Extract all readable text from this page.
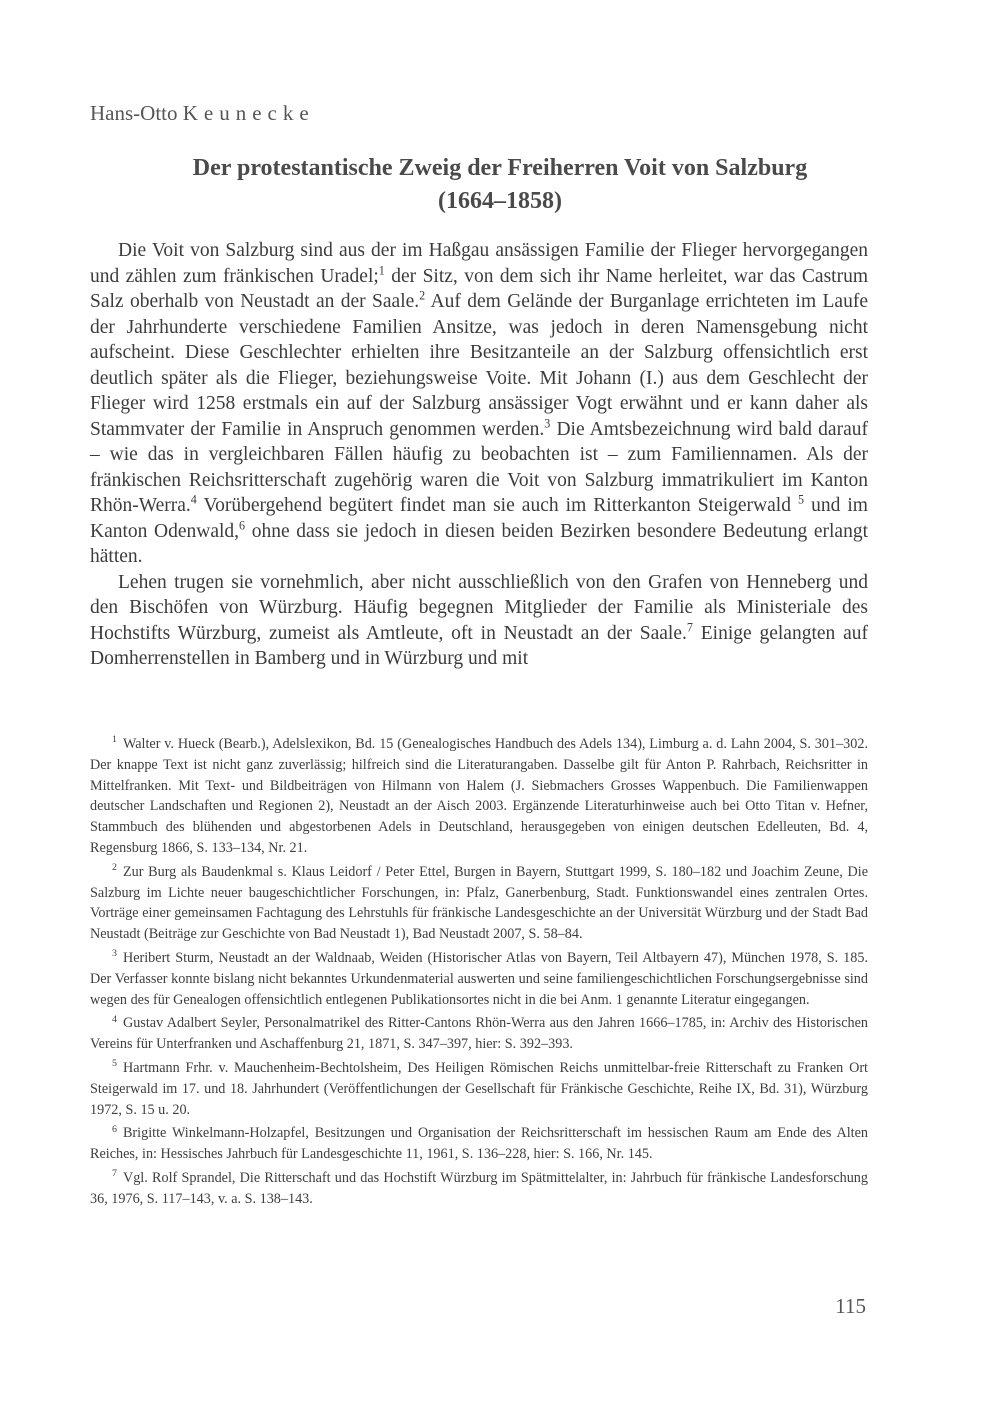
Hans-Otto Keunecke

Der protestantische Zweig der Freiherren Voit von Salzburg
(1664–1858)

Die Voit von Salzburg sind aus der im Haßgau ansässigen Familie der Flieger hervorgegangen und zählen zum fränkischen Uradel;$^1$ der Sitz, von dem sich ihr Name herleitet, war das Castrum Salz oberhalb von Neustadt an der Saale.$^2$ Auf dem Gelände der Burganlage errichteten im Laufe der Jahrhunderte verschiedene Familien Ansitze, was jedoch in deren Namensgebung nicht aufscheint. Diese Geschlechter erhielten ihre Besitzanteile an der Salzburg offensichtlich erst deutlich später als die Flieger, beziehungsweise Voite. Mit Johann (I.) aus dem Geschlecht der Flieger wird 1258 erstmals ein auf der Salzburg ansässiger Vogt erwähnt und er kann daher als Stammvater der Familie in Anspruch genommen werden.$^3$ Die Amtsbezeichnung wird bald darauf – wie das in vergleichbaren Fällen häufig zu beobachten ist – zum Familiennamen. Als der fränkischen Reichsritterschaft zugehörig waren die Voit von Salzburg immatrikuliert im Kanton Rhön-Werra.$^4$ Vorübergehend begütert findet man sie auch im Ritterkanton Steigerwald $^5$ und im Kanton Odenwald,$^6$ ohne dass sie jedoch in diesen beiden Bezirken besondere Bedeutung erlangt hätten.

Lehen trugen sie vornehmlich, aber nicht ausschließlich von den Grafen von Henneberg und den Bischöfen von Würzburg. Häufig begegnen Mitglieder der Familie als Ministeriale des Hochstifts Würzburg, zumeist als Amtleute, oft in Neustadt an der Saale.$^7$ Einige gelangten auf Domherrenstellen in Bamberg und in Würzburg und mit

$^1$ Walter v. Hueck (Bearb.), Adelslexikon, Bd. 15 (Genealogisches Handbuch des Adels 134), Limburg a. d. Lahn 2004, S. 301–302. Der knappe Text ist nicht ganz zuverlässig; hilfreich sind die Literaturangaben. Dasselbe gilt für Anton P. Rahrbach, Reichsritter in Mittelfranken. Mit Text- und Bildbeiträgen von Hilmann von Halem (J. Siebmachers Grosses Wappenbuch. Die Familienwappen deutscher Landschaften und Regionen 2), Neustadt an der Aisch 2003. Ergänzende Literaturhinweise auch bei Otto Titan v. Hefner, Stammbuch des blühenden und abgestorbenen Adels in Deutschland, herausgegeben von einigen deutschen Edelleuten, Bd. 4, Regensburg 1866, S. 133–134, Nr. 21.

$^2$ Zur Burg als Baudenkmal s. Klaus Leidorf / Peter Ettel, Burgen in Bayern, Stuttgart 1999, S. 180–182 und Joachim Zeune, Die Salzburg im Lichte neuer baugeschichtlicher Forschungen, in: Pfalz, Ganerbenburg, Stadt. Funktionswandel eines zentralen Ortes. Vorträge einer gemeinsamen Fachtagung des Lehrstuhls für fränkische Landesgeschichte an der Universität Würzburg und der Stadt Bad Neustadt (Beiträge zur Geschichte von Bad Neustadt 1), Bad Neustadt 2007, S. 58–84.

$^3$ Heribert Sturm, Neustadt an der Waldnaab, Weiden (Historischer Atlas von Bayern, Teil Altbayern 47), München 1978, S. 185. Der Verfasser konnte bislang nicht bekanntes Urkundenmaterial auswerten und seine familiengeschichtlichen Forschungsergebnisse sind wegen des für Genealogen offensichtlich entlegenen Publikationsortes nicht in die bei Anm. 1 genannte Literatur eingegangen.

$^4$ Gustav Adalbert Seyler, Personalmatrikel des Ritter-Cantons Rhön-Werra aus den Jahren 1666–1785, in: Archiv des Historischen Vereins für Unterfranken und Aschaffenburg 21, 1871, S. 347–397, hier: S. 392–393.

$^5$ Hartmann Frhr. v. Mauchenheim-Bechtolsheim, Des Heiligen Römischen Reichs unmittelbar-freie Ritterschaft zu Franken Ort Steigerwald im 17. und 18. Jahrhundert (Veröffentlichungen der Gesellschaft für Fränkische Geschichte, Reihe IX, Bd. 31), Würzburg 1972, S. 15 u. 20.

$^6$ Brigitte Winkelmann-Holzapfel, Besitzungen und Organisation der Reichsritterschaft im hessischen Raum am Ende des Alten Reiches, in: Hessisches Jahrbuch für Landesgeschichte 11, 1961, S. 136–228, hier: S. 166, Nr. 145.

$^7$ Vgl. Rolf Sprandel, Die Ritterschaft und das Hochstift Würzburg im Spätmittelalter, in: Jahrbuch für fränkische Landesforschung 36, 1976, S. 117–143, v. a. S. 138–143.

115
